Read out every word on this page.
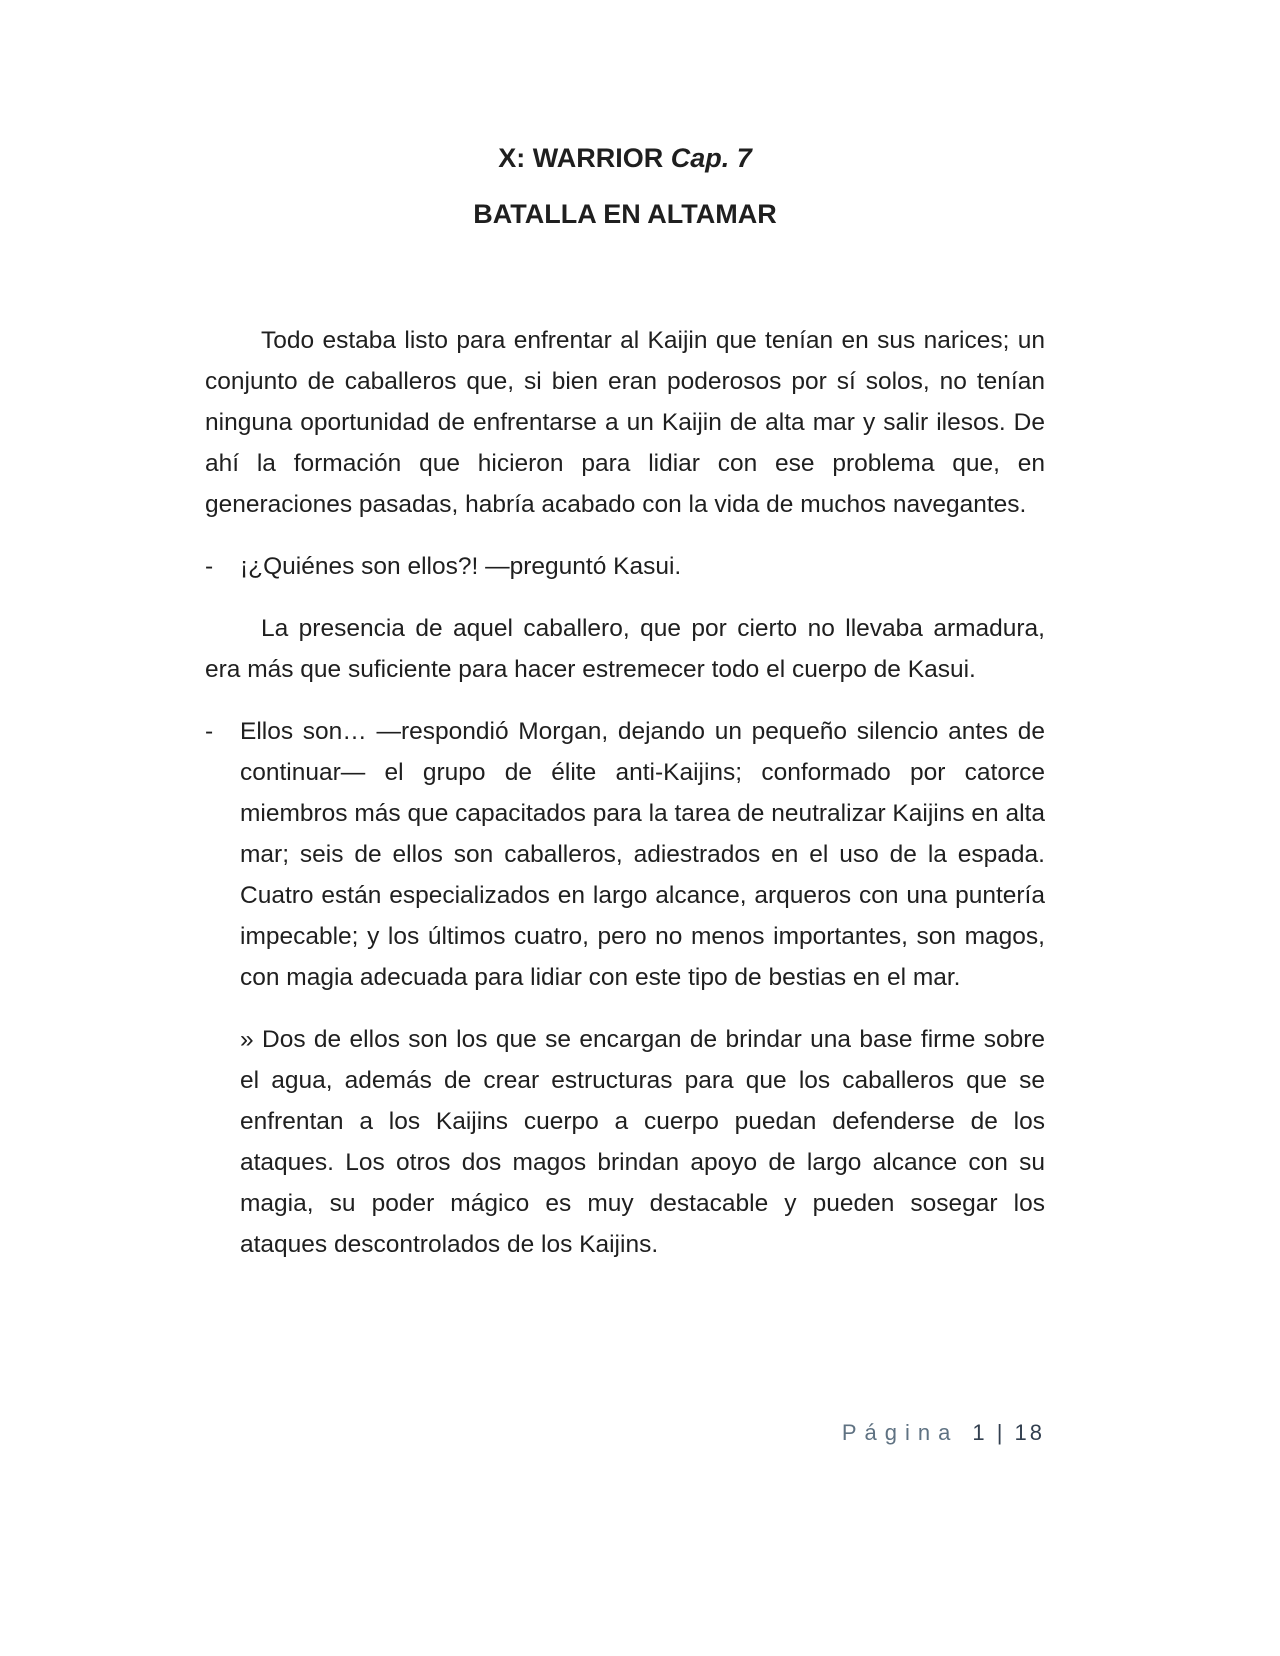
X: WARRIOR Cap. 7
BATALLA EN ALTAMAR

Todo estaba listo para enfrentar al Kaijin que tenían en sus narices; un conjunto de caballeros que, si bien eran poderosos por sí solos, no tenían ninguna oportunidad de enfrentarse a un Kaijin de alta mar y salir ilesos. De ahí la formación que hicieron para lidiar con ese problema que, en generaciones pasadas, habría acabado con la vida de muchos navegantes.

- ¡¿Quiénes son ellos?! —preguntó Kasui.

La presencia de aquel caballero, que por cierto no llevaba armadura, era más que suficiente para hacer estremecer todo el cuerpo de Kasui.

- Ellos son… —respondió Morgan, dejando un pequeño silencio antes de continuar— el grupo de élite anti-Kaijins; conformado por catorce miembros más que capacitados para la tarea de neutralizar Kaijins en alta mar; seis de ellos son caballeros, adiestrados en el uso de la espada. Cuatro están especializados en largo alcance, arqueros con una puntería impecable; y los últimos cuatro, pero no menos importantes, son magos, con magia adecuada para lidiar con este tipo de bestias en el mar.

» Dos de ellos son los que se encargan de brindar una base firme sobre el agua, además de crear estructuras para que los caballeros que se enfrentan a los Kaijins cuerpo a cuerpo puedan defenderse de los ataques. Los otros dos magos brindan apoyo de largo alcance con su magia, su poder mágico es muy destacable y pueden sosegar los ataques descontrolados de los Kaijins.

Página 1 | 18
